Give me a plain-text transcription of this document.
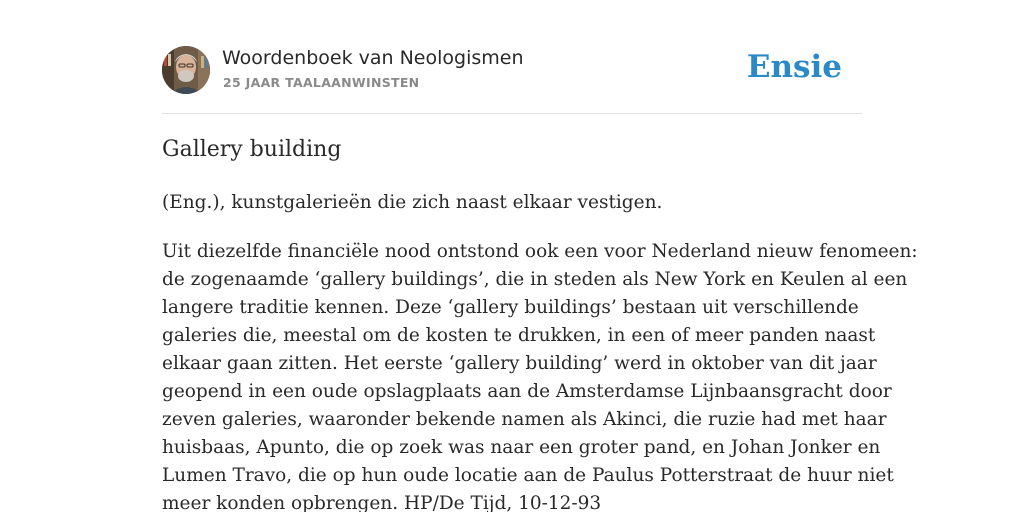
Woordenboek van Neologismen
25 JAAR TAALAANWINSTEN	Ensie
Gallery building

(Eng.), kunstgalerieën die zich naast elkaar vestigen.

Uit diezelfde financiële nood ontstond ook een voor Nederland nieuw fenomeen:
de zogenaamde ‘gallery buildings’, die in steden als New York en Keulen al een
langere traditie kennen. Deze ‘gallery buildings’ bestaan uit verschillende
galeries die, meestal om de kosten te drukken, in een of meer panden naast
elkaar gaan zitten. Het eerste ‘gallery building’ werd in oktober van dit jaar
geopend in een oude opslagplaats aan de Amsterdamse Lijnbaansgracht door
zeven galeries, waaronder bekende namen als Akinci, die ruzie had met haar
huisbaas, Apunto, die op zoek was naar een groter pand, en Johan Jonker en
Lumen Travo, die op hun oude locatie aan de Paulus Potterstraat de huur niet
meer konden opbrengen. HP/De Tijd, 10-12-93
